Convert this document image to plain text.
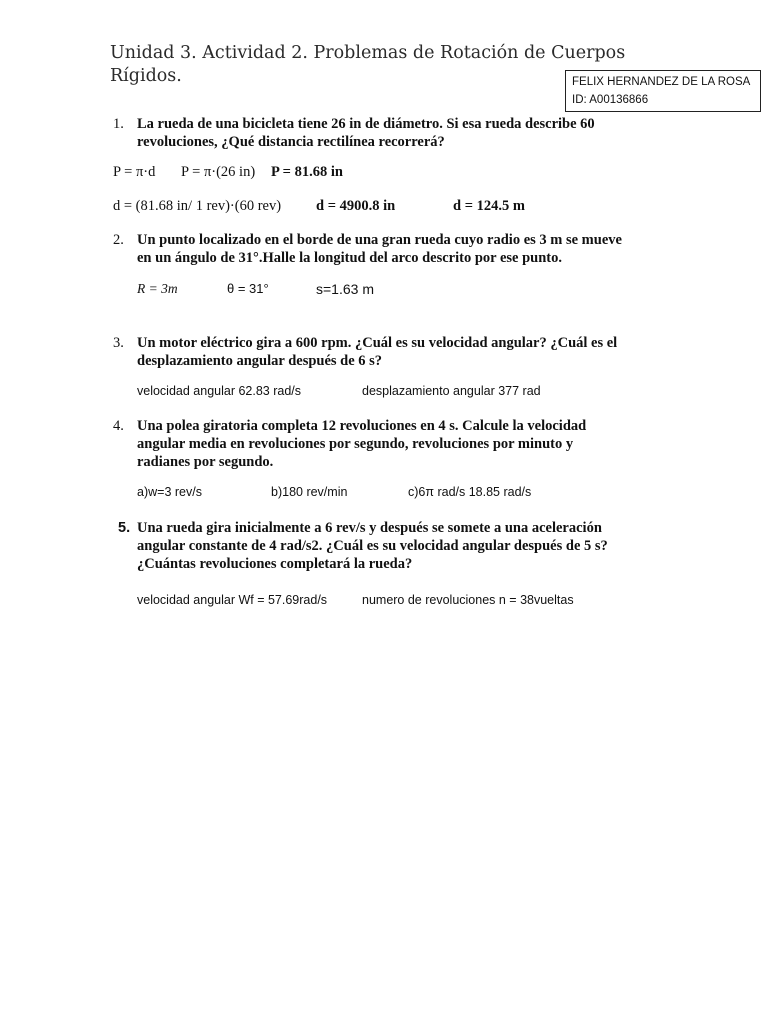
Unidad 3. Actividad 2. Problemas de Rotación de Cuerpos
Rígidos.	FELIX HERNANDEZ DE LA ROSA
ID: A00136866
1. La rueda de una bicicleta tiene 26 in de diámetro. Si esa rueda describe 60
revoluciones, ¿Qué distancia rectilínea recorrerá?
P = π·d P = π·(26 in) P = 81.68 in
d = (81.68 in/ 1 rev)·(60 rev) d = 4900.8 in	d = 124.5 m
2. Un punto localizado en el borde de una gran rueda cuyo radio es 3 m se mueve
en un ángulo de 31°.Halle la longitud del arco descrito por ese punto.
R = 3m	θ = 31°	s=1.63 m
3. Un motor eléctrico gira a 600 rpm. ¿Cuál es su velocidad angular? ¿Cuál es el
desplazamiento angular después de 6 s?
velocidad angular 62.83 rad/s	desplazamiento angular 377 rad
4. Una polea giratoria completa 12 revoluciones en 4 s. Calcule la velocidad
angular media en revoluciones por segundo, revoluciones por minuto y
radianes por segundo.
a)w=3 rev/s	b)180 rev/min	c)6π rad/s 18.85 rad/s
5. Una rueda gira inicialmente a 6 rev/s y después se somete a una aceleración
angular constante de 4 rad/s2. ¿Cuál es su velocidad angular después de 5 s?
¿Cuántas revoluciones completará la rueda?
velocidad angular Wf = 57.69rad/s	numero de revoluciones n = 38vueltas
